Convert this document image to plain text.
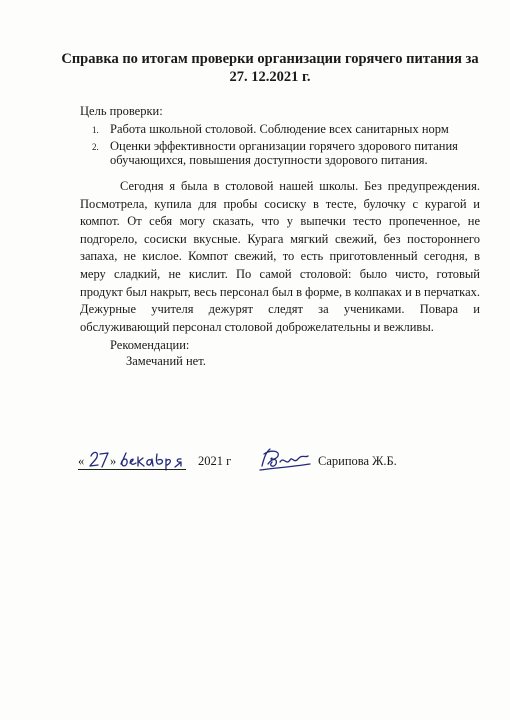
Справка по итогам проверки организации горячего питания за 27. 12.2021 г.
Цель проверки:
1. Работа школьной столовой. Соблюдение всех санитарных норм
2. Оценки эффективности организации горячего здорового питания обучающихся, повышения доступности здорового питания.

Сегодня я была в столовой нашей школы. Без предупреждения. Посмотрела, купила для пробы сосиску в тесте, булочку с курагой и компот. От себя могу сказать, что у выпечки тесто пропеченное, не подгорело, сосиски вкусные. Курага мягкий свежий, без постороннего запаха, не кислое. Компот свежий, то есть приготовленный сегодня, в меру сладкий, не кислит. По самой столовой: было чисто, готовый продукт был накрыт, весь персонал был в форме, в колпаках и в перчатках. Дежурные учителя дежурят следят за учениками. Повара и обслуживающий персонал столовой доброжелательны и вежливы.

Рекомендации:
Замечаний нет.
« »	2021 г	Сарипова Ж.Б.
